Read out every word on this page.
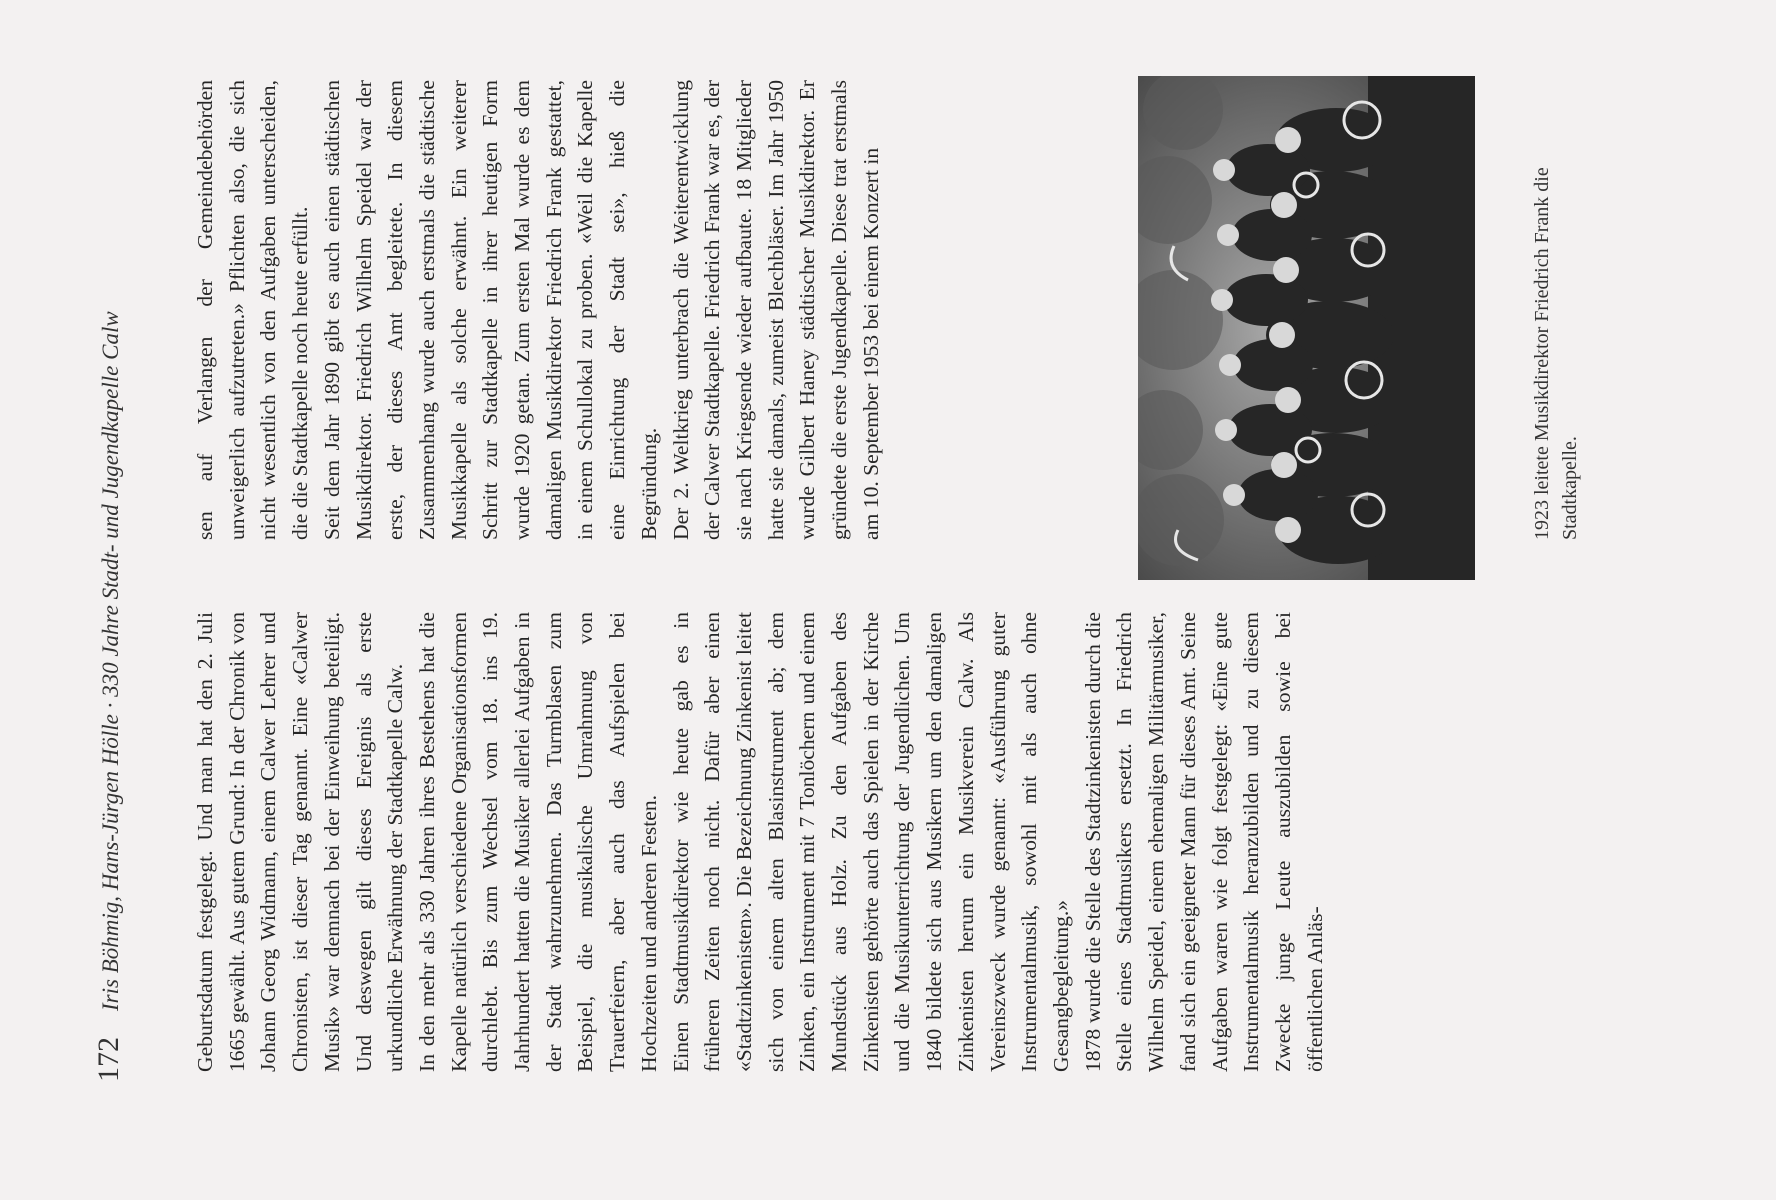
172
Iris Böhmig, Hans-Jürgen Hölle · 330 Jahre Stadt- und Jugendkapelle Calw	Geburtsdatum festgelegt. Und man hat den 2. Juli 1665 gewählt. Aus gutem Grund: In der Chronik von Johann Georg Widmann, einem Calwer Lehrer und Chronisten, ist dieser Tag genannt. Eine «Calwer Musik» war demnach bei der Einweihung beteiligt. Und deswegen gilt dieses Ereignis als erste urkundliche Erwähnung der Stadtkapelle Calw. In den mehr als 330 Jahren ihres Bestehens hat die Kapelle natürlich verschiedene Organisationsformen durchlebt. Bis zum Wechsel vom 18. ins 19. Jahrhundert hatten die Musiker allerlei Aufgaben in der Stadt wahrzunehmen. Das Turmblasen zum Beispiel, die musikalische Umrahmung von Trauerfeiern, aber auch das Aufspielen bei Hochzeiten und anderen Festen. Einen Stadtmusikdirektor wie heute gab es in früheren Zeiten noch nicht. Dafür aber einen «Stadtzinkenisten». Die Bezeichnung Zinkenist leitet sich von einem alten Blasinstrument ab; dem Zinken, ein Instrument mit 7 Tonlöchern und einem Mundstück aus Holz. Zu den Aufgaben des Zinkenisten gehörte auch das Spielen in der Kirche und die Musikunterrichtung der Jugendlichen. Um 1840 bildete sich aus Musikern um den damaligen Zinkenisten herum ein Musikverein Calw. Als Vereinszweck wurde genannt: «Ausführung guter Instrumentalmusik, sowohl mit als auch ohne Gesangbegleitung.» 1878 wurde die Stelle des Stadtzinkenisten durch die Stelle eines Stadtmusikers ersetzt. In Friedrich Wilhelm Speidel, einem ehemaligen Militärmusiker, fand sich ein geeigneter Mann für dieses Amt. Seine Aufgaben waren wie folgt festgelegt: «Eine gute Instrumentalmusik heranzubilden und zu diesem Zwecke junge Leute auszubilden sowie bei öffentlichen Anläs-

sen auf Verlangen der Gemeindebehörden unweigerlich aufzutreten.» Pflichten also, die sich nicht wesentlich von den Aufgaben unterscheiden, die die Stadtkapelle noch heute erfüllt. Seit dem Jahr 1890 gibt es auch einen städtischen Musikdirektor. Friedrich Wilhelm Speidel war der erste, der dieses Amt begleitete. In diesem Zusammenhang wurde auch erstmals die städtische Musikkapelle als solche erwähnt. Ein weiterer Schritt zur Stadtkapelle in ihrer heutigen Form wurde 1920 getan. Zum ersten Mal wurde es dem damaligen Musikdirektor Friedrich Frank gestattet, in einem Schullokal zu proben. «Weil die Kapelle eine Einrichtung der Stadt sei», hieß die Begründung. Der 2. Weltkrieg unterbrach die Weiterentwicklung der Calwer Stadtkapelle. Friedrich Frank war es, der sie nach Kriegsende wieder aufbaute. 18 Mitglieder hatte sie damals, zumeist Blechbläser. Im Jahr 1950 wurde Gilbert Haney städtischer Musikdirektor. Er gründete die erste Jugendkapelle. Diese trat erstmals am 10. September 1953 bei einem Konzert in	1923 leitete Musikdirektor Friedrich Frank die Stadtkapelle.
